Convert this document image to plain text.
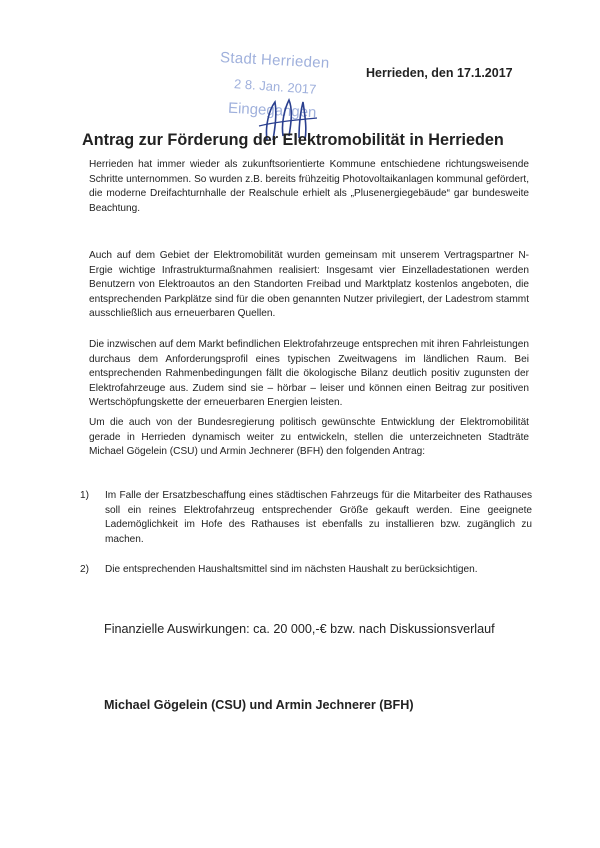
Stadt Herrieden
2 8. Jan. 2017
Eingegangen
Herrieden, den 17.1.2017
Antrag zur Förderung der Elektromobilität in Herrieden
Herrieden hat immer wieder als zukunftsorientierte Kommune entschiedene richtungsweisende Schritte unternommen. So wurden z.B. bereits frühzeitig Photovoltaikanlagen kommunal gefördert, die moderne Dreifachturnhalle der Realschule erhielt als „Plusenergiegebäude“ gar bundesweite Beachtung.
Auch auf dem Gebiet der Elektromobilität wurden gemeinsam mit unserem Vertragspartner N-Ergie wichtige Infrastrukturmaßnahmen realisiert: Insgesamt vier Einzelladestationen werden Benutzern von Elektroautos an den Standorten Freibad und Marktplatz kostenlos angeboten, die entsprechenden Parkplätze sind für die oben genannten Nutzer privilegiert, der Ladestrom stammt ausschließlich aus erneuerbaren Quellen.
Die inzwischen auf dem Markt befindlichen Elektrofahrzeuge entsprechen mit ihren Fahrleistungen durchaus dem Anforderungsprofil eines typischen Zweitwagens im ländlichen Raum. Bei entsprechenden Rahmenbedingungen fällt die ökologische Bilanz deutlich positiv zugunsten der Elektrofahrzeuge aus. Zudem sind sie – hörbar – leiser und können einen Beitrag zur positiven Wertschöpfungskette der erneuerbaren Energien leisten.
Um die auch von der Bundesregierung politisch gewünschte Entwicklung der Elektromobilität gerade in Herrieden dynamisch weiter zu entwickeln, stellen die unterzeichneten Stadträte Michael Gögelein (CSU) und Armin Jechnerer (BFH) den folgenden Antrag:
1) Im Falle der Ersatzbeschaffung eines städtischen Fahrzeugs für die Mitarbeiter des Rathauses soll ein reines Elektrofahrzeug entsprechender Größe gekauft werden. Eine geeignete Lademöglichkeit im Hofe des Rathauses ist ebenfalls zu installieren bzw. zugänglich zu machen.
2) Die entsprechenden Haushaltsmittel sind im nächsten Haushalt zu berücksichtigen.
Finanzielle Auswirkungen: ca. 20 000,-€ bzw. nach Diskussionsverlauf
Michael Gögelein (CSU) und Armin Jechnerer (BFH)
